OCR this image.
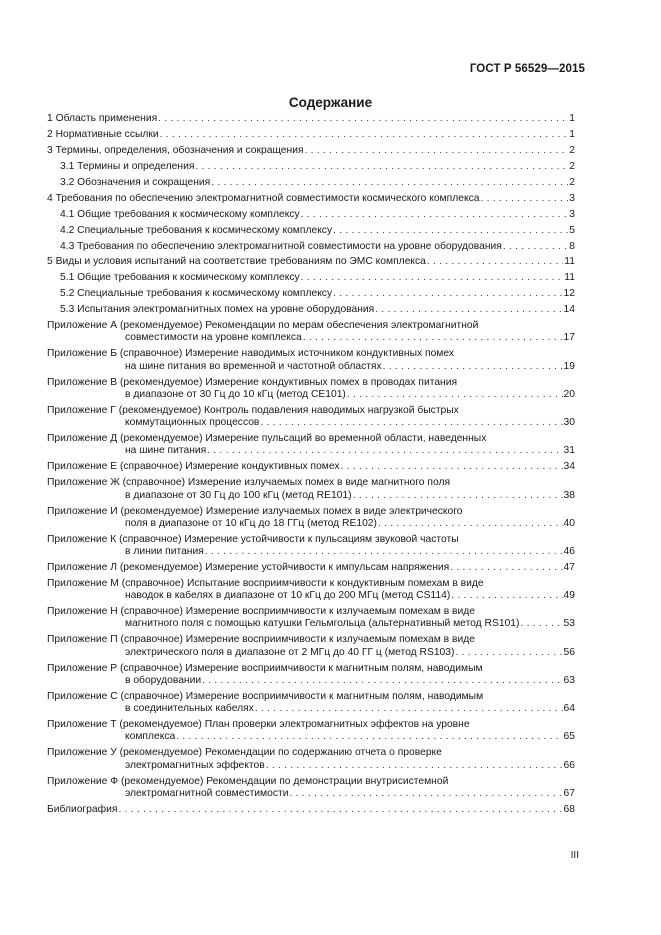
ГОСТ Р 56529—2015
Содержание
1 Область применения . . .	1
2 Нормативные ссылки . . .	1
3 Термины, определения, обозначения и сокращения . . .	2
3.1 Термины и определения . . .	2
3.2 Обозначения и сокращения . . .	2
4 Требования по обеспечению электромагнитной совместимости космического комплекса . . .	3
4.1 Общие требования к космическому комплексу . . .	3
4.2 Специальные требования к космическому комплексу . . .	5
4.3 Требования по обеспечению электромагнитной совместимости на уровне оборудования . . .	8
5 Виды и условия испытаний на соответствие требованиям по ЭМС комплекса . . .	11
5.1 Общие требования к космическому комплексу . . .	11
5.2 Специальные требования к космическому комплексу . . .	12
5.3 Испытания электромагнитных помех на уровне оборудования . . .	14
Приложение А (рекомендуемое) Рекомендации по мерам обеспечения электромагнитной
совместимости на уровне комплекса . . .	17
Приложение Б (справочное) Измерение наводимых источником кондуктивных помех
на шине питания во временной и частотной областях . . .	19
Приложение В (рекомендуемое) Измерение кондуктивных помех в проводах питания
в диапазоне от 30 Гц до 10 кГц (метод CE101) . . .	20
Приложение Г (рекомендуемое) Контроль подавления наводимых нагрузкой быстрых
коммутационных процессов . . .	30
Приложение Д (рекомендуемое) Измерение пульсаций во временной области, наведенных
на шине питания . . .	31
Приложение Е (справочное) Измерение кондуктивных помех . . .	34
Приложение Ж (справочное) Измерение излучаемых помех в виде магнитного поля
в диапазоне от 30 Гц до 100 кГц (метод RE101) . . .	38
Приложение И (рекомендуемое) Измерение излучаемых помех в виде электрического
поля в диапазоне от 10 кГц до 18 ГГц (метод RE102) . . .	40
Приложение К (справочное) Измерение устойчивости к пульсациям звуковой частоты
в линии питания . . .	46
Приложение Л (рекомендуемое) Измерение устойчивости к импульсам напряжения . . .	47
Приложение М (справочное) Испытание восприимчивости к кондуктивным помехам в виде
наводок в кабелях в диапазоне от 10 кГц до 200 МГц (метод CS114) . . .	49
Приложение Н (справочное) Измерение восприимчивости к излучаемым помехам в виде
магнитного поля с помощью катушки Гельмгольца (альтернативный метод RS101) . . .	53
Приложение П (справочное) Измерение восприимчивости к излучаемым помехам в виде
электрического поля в диапазоне от 2 МГц до 40 ГГ ц (метод RS103) . . .	56
Приложение Р (справочное) Измерение восприимчивости к магнитным полям, наводимым
в оборудовании . . .	63
Приложение С (справочное) Измерение восприимчивости к магнитным полям, наводимым
в соединительных кабелях . . .	64
Приложение Т (рекомендуемое) План проверки электромагнитных эффектов на уровне
комплекса . . .	65
Приложение У (рекомендуемое) Рекомендации по содержанию отчета о проверке
электромагнитных эффектов . . .	66
Приложение Ф (рекомендуемое) Рекомендации по демонстрации внутрисистемной
электромагнитной совместимости . . .	67
Библиография . . .	68
III
